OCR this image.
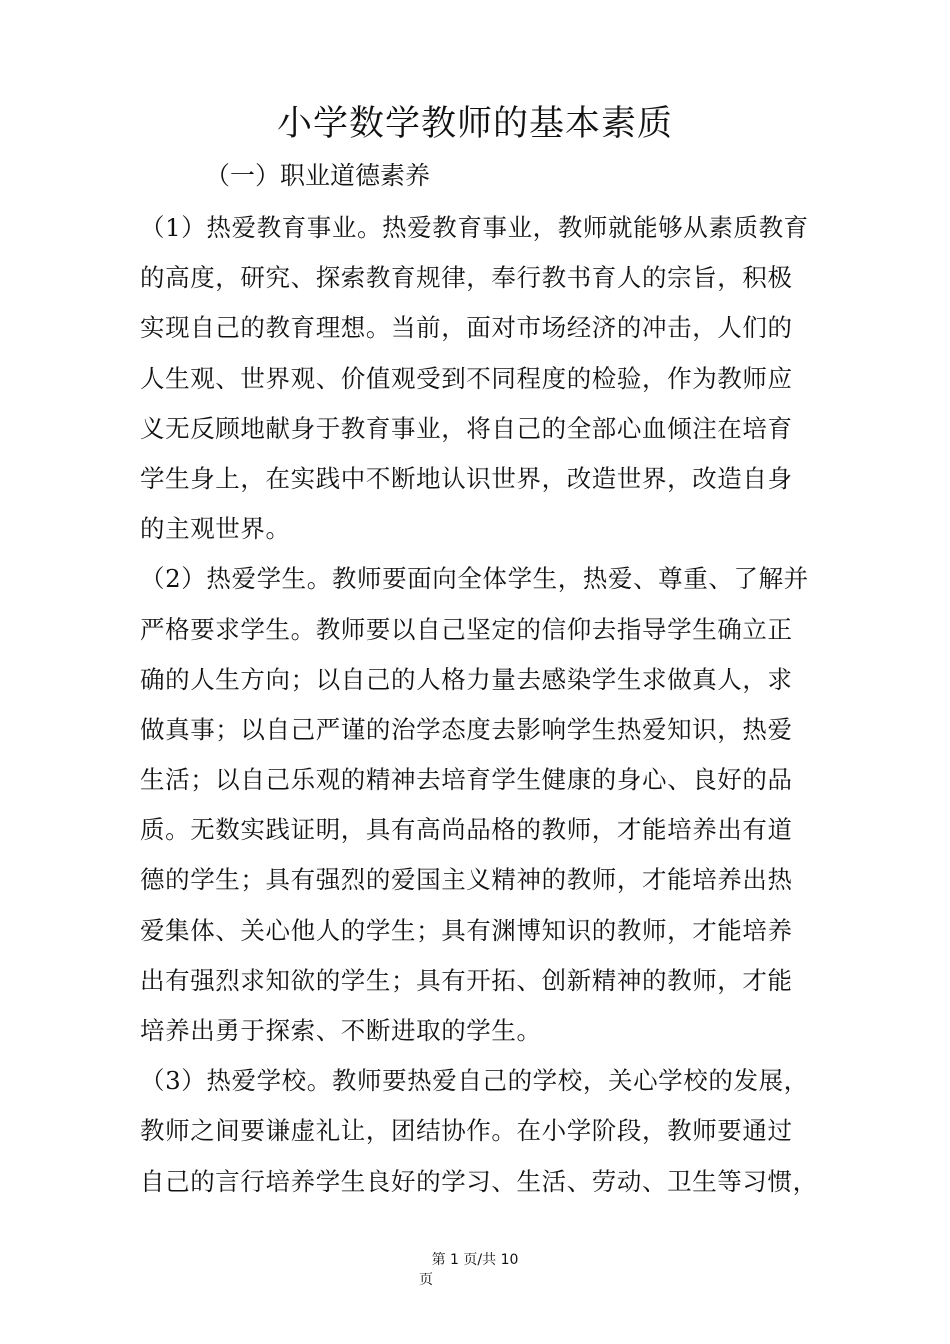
小学数学教师的基本素质
（一）职业道德素养
（1）热爱教育事业。热爱教育事业，教师就能够从素质教育
的高度，研究、探索教育规律，奉行教书育人的宗旨，积极
实现自己的教育理想。当前，面对市场经济的冲击，人们的
人生观、世界观、价值观受到不同程度的检验，作为教师应
义无反顾地献身于教育事业，将自己的全部心血倾注在培育
学生身上，在实践中不断地认识世界，改造世界，改造自身
的主观世界。
（2）热爱学生。教师要面向全体学生，热爱、尊重、了解并
严格要求学生。教师要以自己坚定的信仰去指导学生确立正
确的人生方向；以自己的人格力量去感染学生求做真人，求
做真事；以自己严谨的治学态度去影响学生热爱知识，热爱
生活；以自己乐观的精神去培育学生健康的身心、良好的品
质。无数实践证明，具有高尚品格的教师，才能培养出有道
德的学生；具有强烈的爱国主义精神的教师，才能培养出热
爱集体、关心他人的学生；具有渊博知识的教师，才能培养
出有强烈求知欲的学生；具有开拓、创新精神的教师，才能
培养出勇于探索、不断进取的学生。
（3）热爱学校。教师要热爱自己的学校，关心学校的发展，
教师之间要谦虚礼让，团结协作。在小学阶段，教师要通过
自己的言行培养学生良好的学习、生活、劳动、卫生等习惯，
第 1 页/共 10
页
